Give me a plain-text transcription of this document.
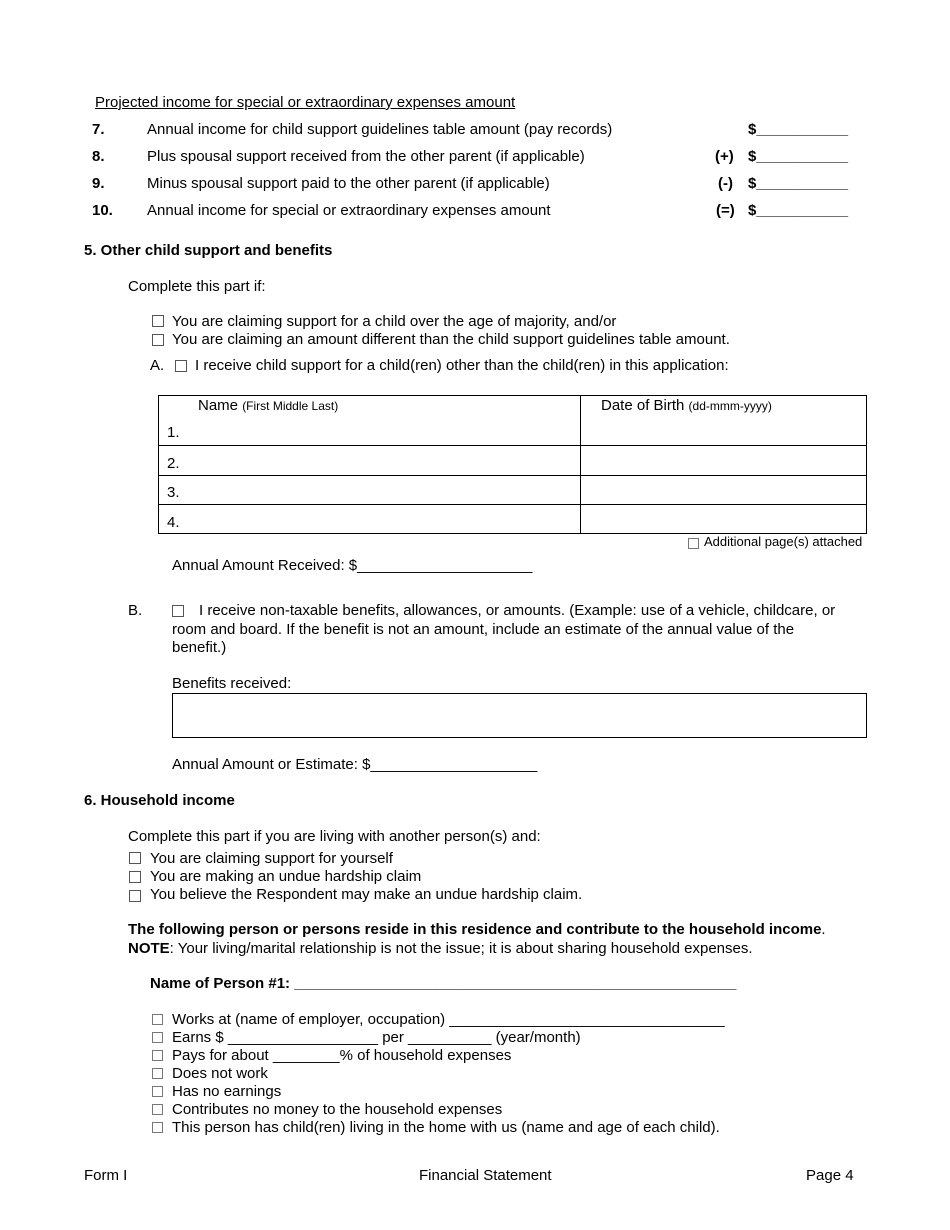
Projected income for special or extraordinary expenses amount
7.	Annual income for child support guidelines table amount (pay records)	$___________
8.	Plus spousal support received from the other parent (if applicable)	(+) $___________
9.	Minus spousal support paid to the other parent (if applicable)	(-) $___________
10. Annual income for special or extraordinary expenses amount	(=) $___________
5. Other child support and benefits
Complete this part if:
You are claiming support for a child over the age of majority, and/or
You are claiming an amount different than the child support guidelines table amount.
A. I receive child support for a child(ren) other than the child(ren) in this application:
Name (First Middle Last)	Date of Birth (dd-mmm-yyyy)
1.
2.
3.
4.
Additional page(s) attached
Annual Amount Received: $_____________________
B.	I receive non-taxable benefits, allowances, or amounts. (Example: use of a vehicle, childcare, or
room and board. If the benefit is not an amount, include an estimate of the annual value of the
benefit.)
Benefits received:
Annual Amount or Estimate: $____________________
6. Household income
Complete this part if you are living with another person(s) and:
You are claiming support for yourself
You are making an undue hardship claim
You believe the Respondent may make an undue hardship claim.
The following person or persons reside in this residence and contribute to the household income.
NOTE: Your living/marital relationship is not the issue; it is about sharing household expenses.
Name of Person #1: _____________________________________________________
Works at (name of employer, occupation) _________________________________
Earns $ __________________ per __________ (year/month)
Pays for about ________% of household expenses
Does not work
Has no earnings
Contributes no money to the household expenses
This person has child(ren) living in the home with us (name and age of each child).
Form I	Financial Statement	Page 4
